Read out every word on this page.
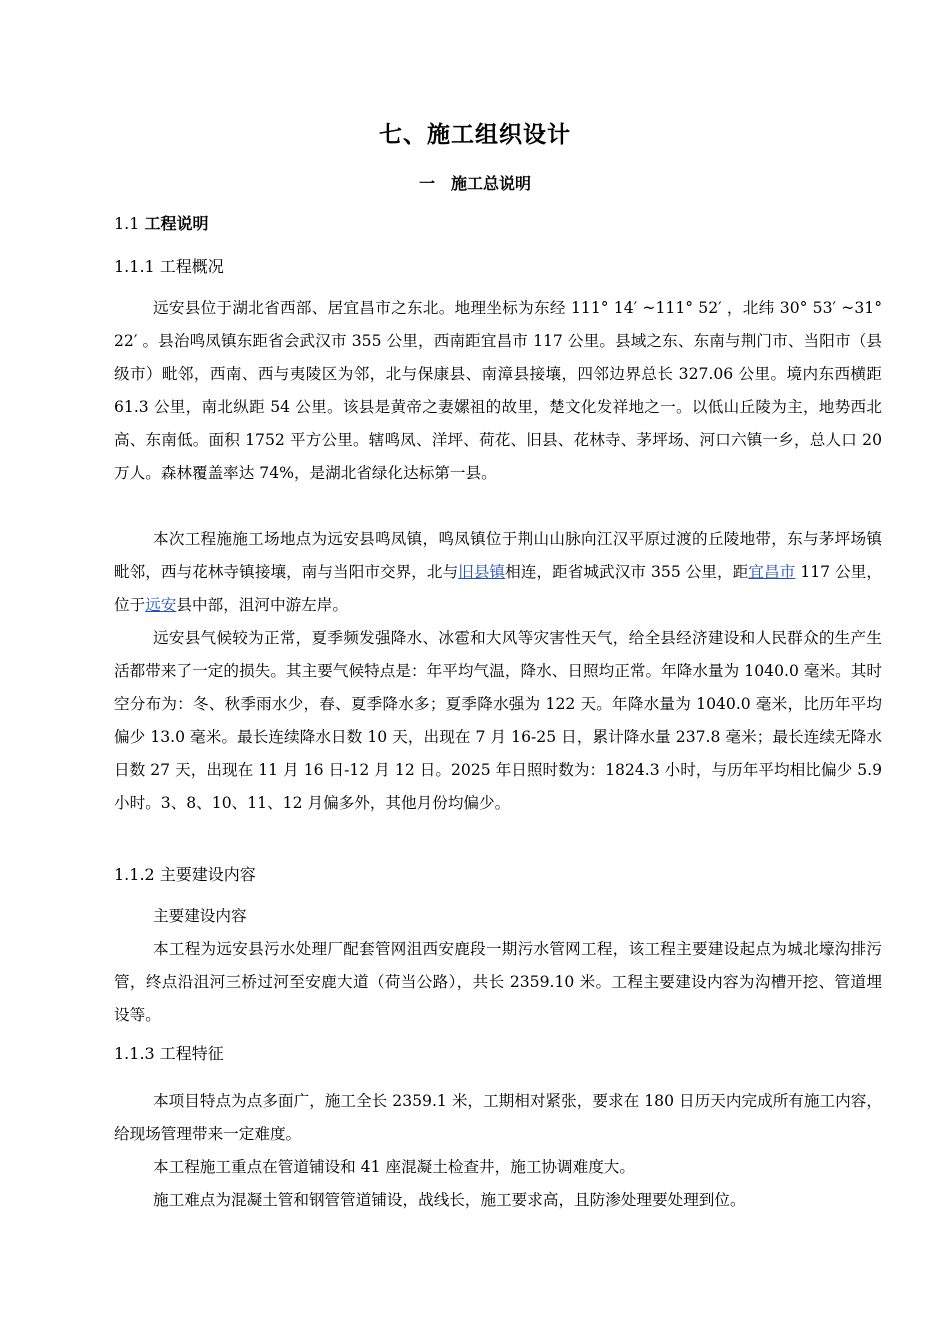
七、施工组织设计
一　施工总说明
1.1 工程说明
1.1.1 工程概况
远安县位于湖北省西部、居宜昌市之东北。地理坐标为东经 111° 14′ ~111° 52′ ，北纬 30° 53′ ~31° 22′ 。县治鸣凤镇东距省会武汉市 355 公里，西南距宜昌市 117 公里。县域之东、东南与荆门市、当阳市（县级市）毗邻，西南、西与夷陵区为邻，北与保康县、南漳县接壤，四邻边界总长 327.06 公里。境内东西横距 61.3 公里，南北纵距 54 公里。该县是黄帝之妻嫘祖的故里，楚文化发祥地之一。以低山丘陵为主，地势西北高、东南低。面积 1752 平方公里。辖鸣凤、洋坪、荷花、旧县、花林寺、茅坪场、河口六镇一乡，总人口 20 万人。森林覆盖率达 74%，是湖北省绿化达标第一县。
本次工程施施工场地点为远安县鸣凤镇，鸣凤镇位于荆山山脉向江汉平原过渡的丘陵地带，东与茅坪场镇毗邻，西与花林寺镇接壤，南与当阳市交界，北与旧县镇相连，距省城武汉市 355 公里，距宜昌市 117 公里，位于远安县中部，沮河中游左岸。
远安县气候较为正常，夏季频发强降水、冰雹和大风等灾害性天气，给全县经济建设和人民群众的生产生活都带来了一定的损失。其主要气候特点是：年平均气温，降水、日照均正常。年降水量为 1040.0 毫米。其时空分布为：冬、秋季雨水少，春、夏季降水多；夏季降水强为 122 天。年降水量为 1040.0 毫米，比历年平均偏少 13.0 毫米。最长连续降水日数 10 天，出现在 7 月 16-25 日，累计降水量 237.8 毫米；最长连续无降水日数 27 天，出现在 11 月 16 日-12 月 12 日。2025 年日照时数为：1824.3 小时，与历年平均相比偏少 5.9 小时。3、8、10、11、12 月偏多外，其他月份均偏少。
1.1.2 主要建设内容
主要建设内容
本工程为远安县污水处理厂配套管网沮西安鹿段一期污水管网工程，该工程主要建设起点为城北壕沟排污管，终点沿沮河三桥过河至安鹿大道（荷当公路），共长 2359.10 米。工程主要建设内容为沟槽开挖、管道埋设等。
1.1.3 工程特征
本项目特点为点多面广，施工全长 2359.1 米，工期相对紧张，要求在 180 日历天内完成所有施工内容，给现场管理带来一定难度。
本工程施工重点在管道铺设和 41 座混凝土检查井，施工协调难度大。
施工难点为混凝土管和钢管管道铺设，战线长，施工要求高，且防渗处理要处理到位。
